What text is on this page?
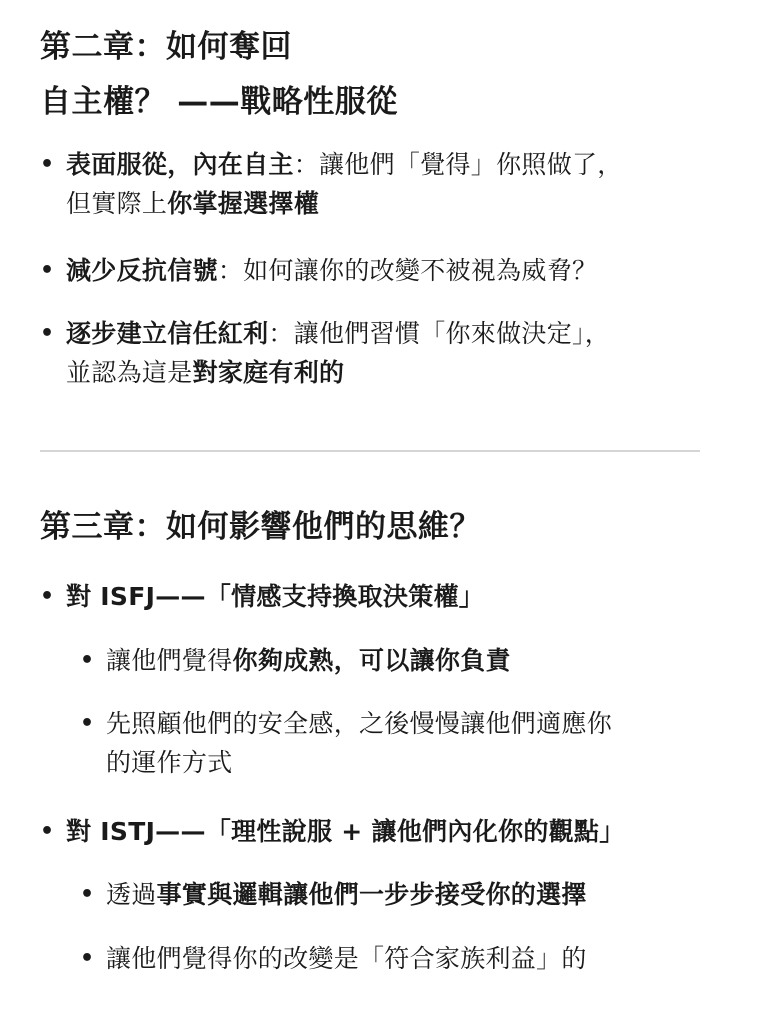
第二章：如何奪回
自主權？ ——戰略性服從
• 表面服從，內在自主：讓他們「覺得」你照做了，
但實際上你掌握選擇權
• 減少反抗信號：如何讓你的改變不被視為威脅？
• 逐步建立信任紅利：讓他們習慣「你來做決定」，
並認為這是對家庭有利的
第三章：如何影響他們的思維？
• 對 ISFJ——「情感支持換取決策權」
• 讓他們覺得你夠成熟，可以讓你負責
• 先照顧他們的安全感，之後慢慢讓他們適應你
的運作方式
• 對 ISTJ——「理性說服 + 讓他們內化你的觀點」
• 透過事實與邏輯讓他們一步步接受你的選擇
• 讓他們覺得你的改變是「符合家族利益」的
